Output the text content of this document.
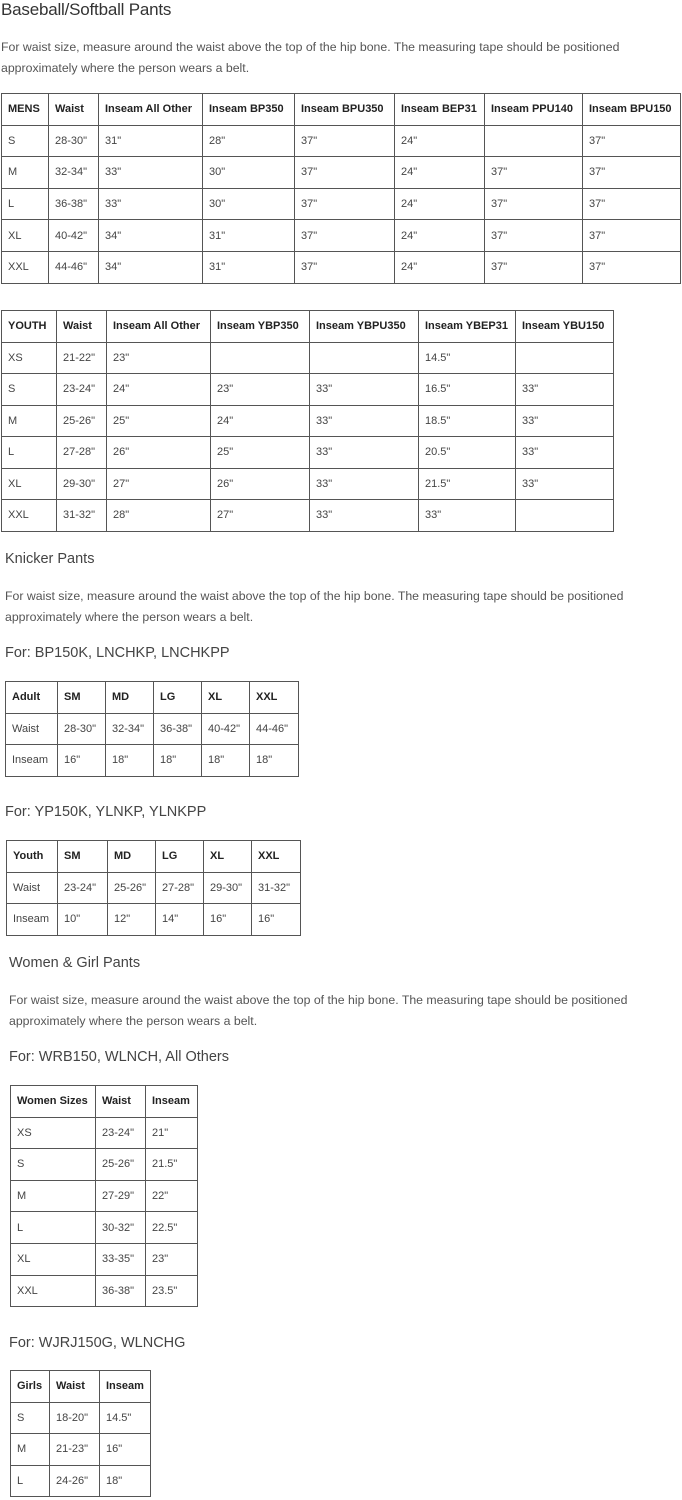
Baseball/Softball Pants

For waist size, measure around the waist above the top of the hip bone. The measuring tape should be positioned
approximately where the person wears a belt.

MENS	Waist	Inseam All Other	Inseam BP350	Inseam BPU350	Inseam BEP31	Inseam PPU140	Inseam BPU150
S	28-30"	31"	28"	37"	24"		37"
M	32-34"	33"	30"	37"	24"	37"	37"
L	36-38"	33"	30"	37"	24"	37"	37"
XL	40-42"	34"	31"	37"	24"	37"	37"
XXL	44-46"	34"	31"	37"	24"	37"	37"
YOUTH	Waist	Inseam All Other	Inseam YBP350	Inseam YBPU350	Inseam YBEP31	Inseam YBU150
XS	21-22"	23"			14.5"	
S	23-24"	24"	23"	33"	16.5"	33"
M	25-26"	25"	24"	33"	18.5"	33"
L	27-28"	26"	25"	33"	20.5"	33"
XL	29-30"	27"	26"	33"	21.5"	33"
XXL	31-32"	28"	27"	33"	33"	
Knicker Pants

For waist size, measure around the waist above the top of the hip bone. The measuring tape should be positioned
approximately where the person wears a belt.

For: BP150K, LNCHKP, LNCHKPP
Adult	SM	MD	LG	XL	XXL
Waist	28-30"	32-34"	36-38"	40-42"	44-46"
Inseam	16"	18"	18"	18"	18"
For: YP150K, YLNKP, YLNKPP
Youth	SM	MD	LG	XL	XXL
Waist	23-24"	25-26"	27-28"	29-30"	31-32"
Inseam	10"	12"	14"	16"	16"
Women & Girl Pants

For waist size, measure around the waist above the top of the hip bone. The measuring tape should be positioned
approximately where the person wears a belt.

For: WRB150, WLNCH, All Others
Women Sizes	Waist	Inseam
XS	23-24"	21"
S	25-26"	21.5"
M	27-29"	22"
L	30-32"	22.5"
XL	33-35"	23"
XXL	36-38"	23.5"
For: WJRJ150G, WLNCHG
Girls	Waist	Inseam
S	18-20"	14.5"
M	21-23"	16"
L	24-26"	18"
